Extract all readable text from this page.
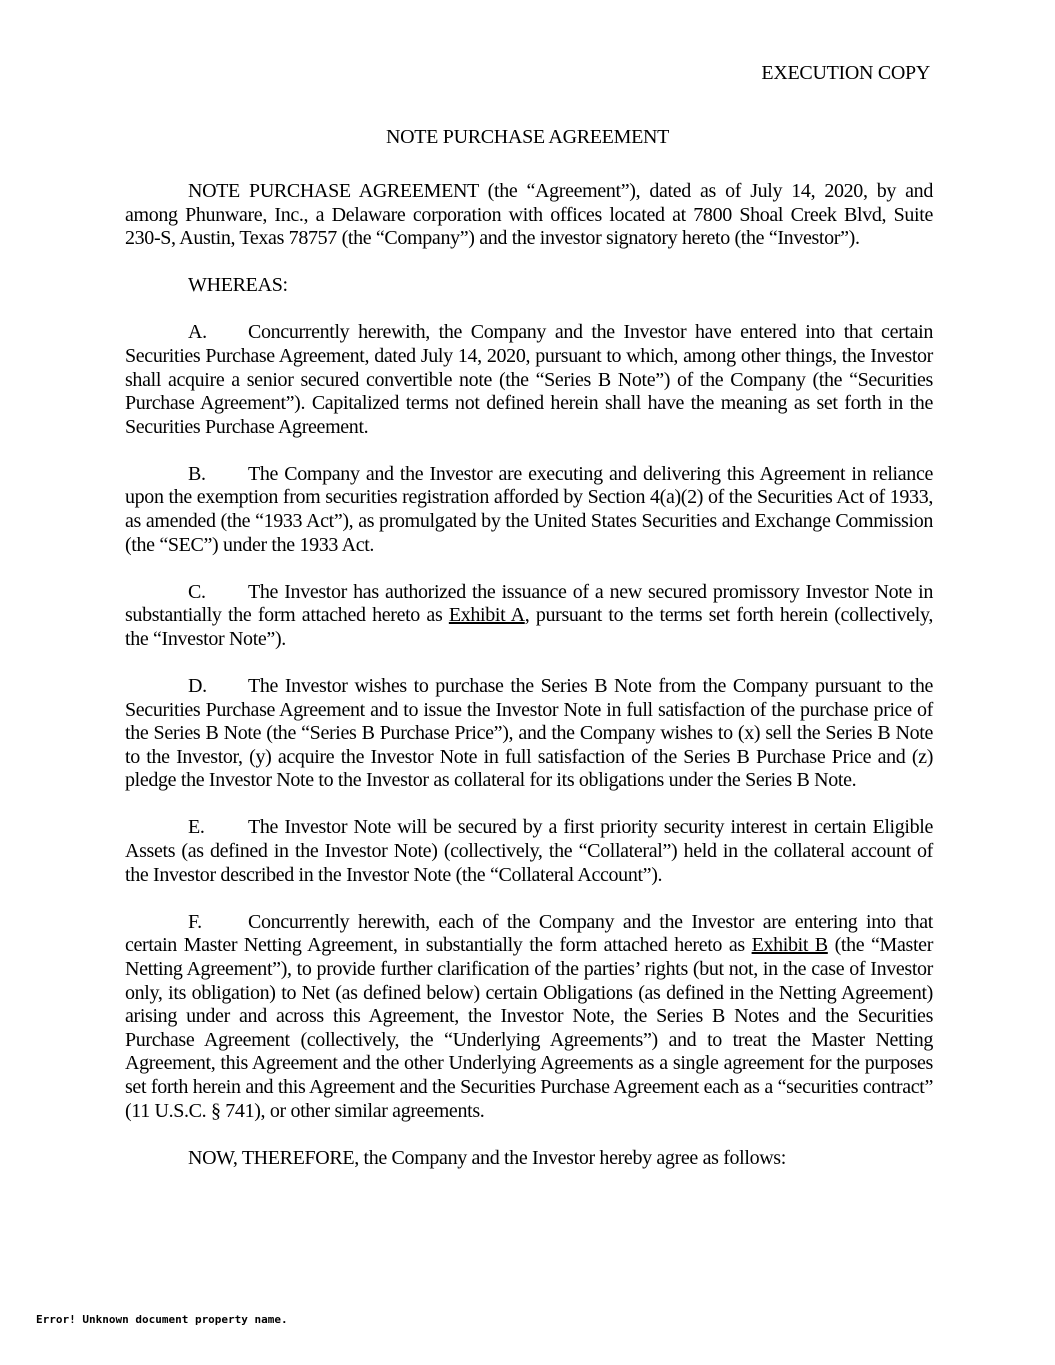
EXECUTION COPY
NOTE PURCHASE AGREEMENT

NOTE PURCHASE AGREEMENT (the “Agreement”), dated as of July 14, 2020, by and among Phunware, Inc., a Delaware corporation with offices located at 7800 Shoal Creek Blvd, Suite 230-S, Austin, Texas 78757 (the “Company”) and the investor signatory hereto (the “Investor”).

WHEREAS:

A. Concurrently herewith, the Company and the Investor have entered into that certain Securities Purchase Agreement, dated July 14, 2020, pursuant to which, among other things, the Investor shall acquire a senior secured convertible note (the “Series B Note”) of the Company (the “Securities Purchase Agreement”). Capitalized terms not defined herein shall have the meaning as set forth in the Securities Purchase Agreement.

B. The Company and the Investor are executing and delivering this Agreement in reliance upon the exemption from securities registration afforded by Section 4(a)(2) of the Securities Act of 1933, as amended (the “1933 Act”), as promulgated by the United States Securities and Exchange Commission (the “SEC”) under the 1933 Act.

C. The Investor has authorized the issuance of a new secured promissory Investor Note in substantially the form attached hereto as Exhibit A, pursuant to the terms set forth herein (collectively, the “Investor Note”).

D. The Investor wishes to purchase the Series B Note from the Company pursuant to the Securities Purchase Agreement and to issue the Investor Note in full satisfaction of the purchase price of the Series B Note (the “Series B Purchase Price”), and the Company wishes to (x) sell the Series B Note to the Investor, (y) acquire the Investor Note in full satisfaction of the Series B Purchase Price and (z) pledge the Investor Note to the Investor as collateral for its obligations under the Series B Note.

E. The Investor Note will be secured by a first priority security interest in certain Eligible Assets (as defined in the Investor Note) (collectively, the “Collateral”) held in the collateral account of the Investor described in the Investor Note (the “Collateral Account”).

F. Concurrently herewith, each of the Company and the Investor are entering into that certain Master Netting Agreement, in substantially the form attached hereto as Exhibit B (the “Master Netting Agreement”), to provide further clarification of the parties’ rights (but not, in the case of Investor only, its obligation) to Net (as defined below) certain Obligations (as defined in the Netting Agreement) arising under and across this Agreement, the Investor Note, the Series B Notes and the Securities Purchase Agreement (collectively, the “Underlying Agreements”) and to treat the Master Netting Agreement, this Agreement and the other Underlying Agreements as a single agreement for the purposes set forth herein and this Agreement and the Securities Purchase Agreement each as a “securities contract” (11 U.S.C. § 741), or other similar agreements.

NOW, THEREFORE, the Company and the Investor hereby agree as follows:

Error! Unknown document property name.
